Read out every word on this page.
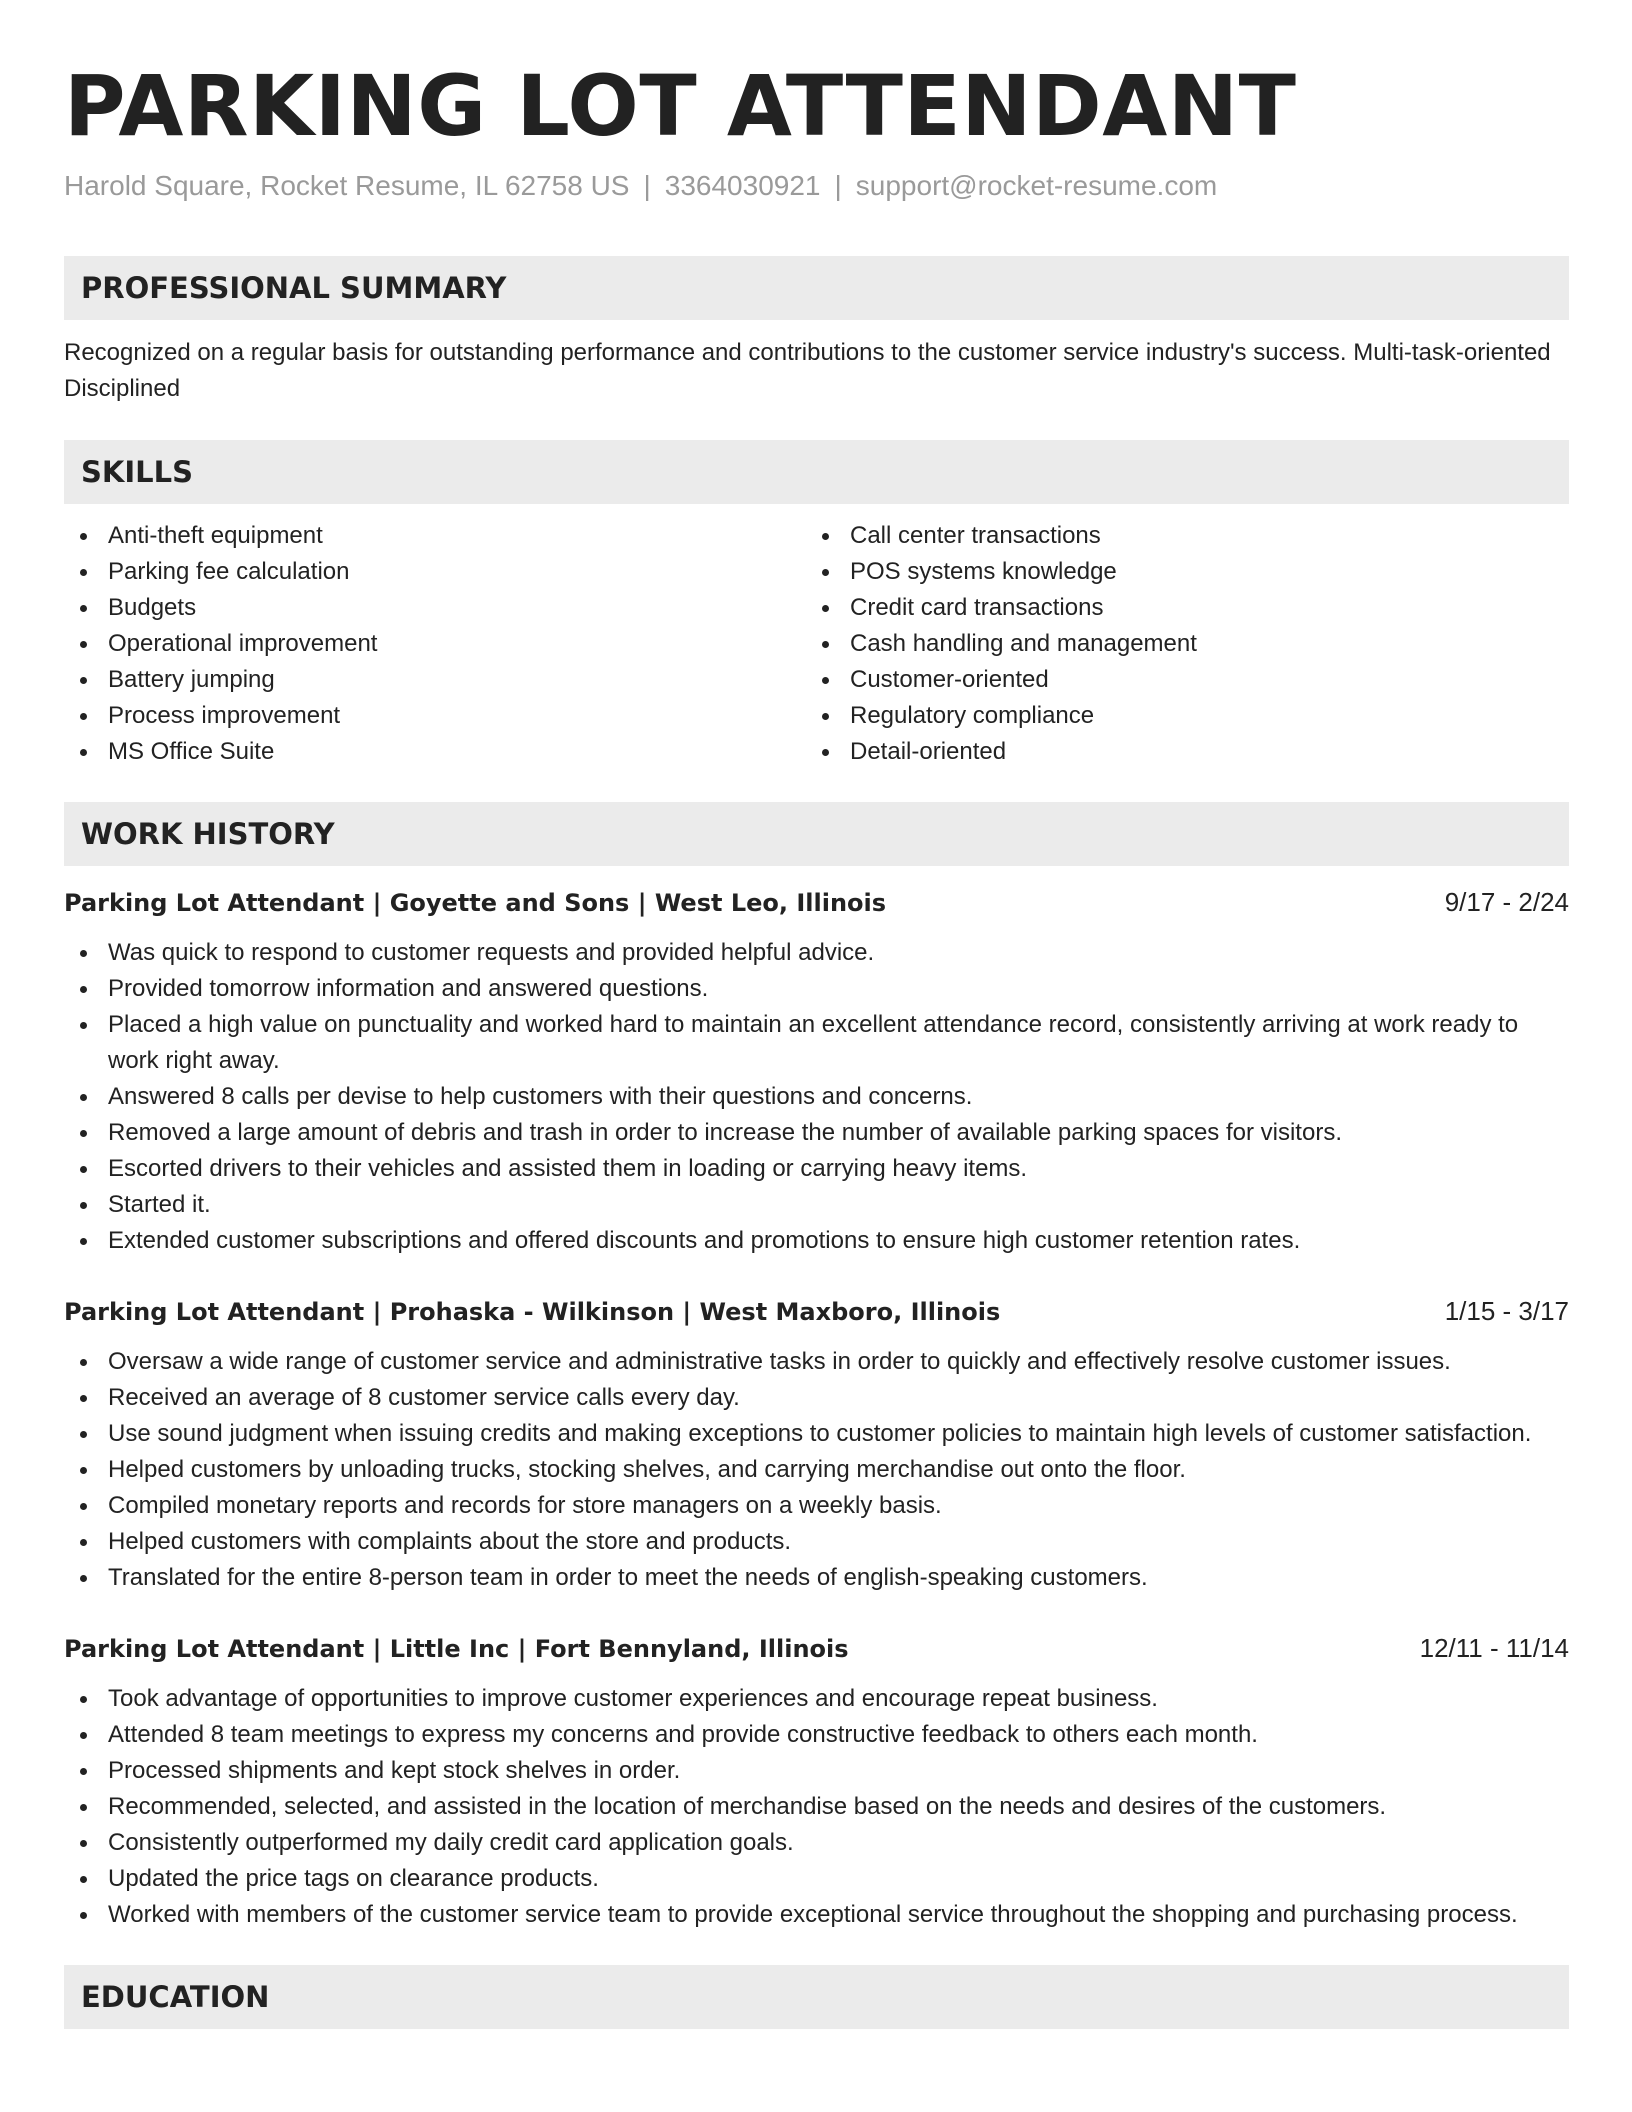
PARKING LOT ATTENDANT
Harold Square, Rocket Resume, IL 62758 US | 3364030921 | support@rocket-resume.com
PROFESSIONAL SUMMARY
Recognized on a regular basis for outstanding performance and contributions to the customer service industry's success. Multi-task-oriented Disciplined
SKILLS
Anti-theft equipment
Parking fee calculation
Budgets
Operational improvement
Battery jumping
Process improvement
MS Office Suite
Call center transactions
POS systems knowledge
Credit card transactions
Cash handling and management
Customer-oriented
Regulatory compliance
Detail-oriented
WORK HISTORY
Parking Lot Attendant | Goyette and Sons | West Leo, Illinois	9/17 - 2/24
Was quick to respond to customer requests and provided helpful advice.
Provided tomorrow information and answered questions.
Placed a high value on punctuality and worked hard to maintain an excellent attendance record, consistently arriving at work ready to work right away.
Answered 8 calls per devise to help customers with their questions and concerns.
Removed a large amount of debris and trash in order to increase the number of available parking spaces for visitors.
Escorted drivers to their vehicles and assisted them in loading or carrying heavy items.
Started it.
Extended customer subscriptions and offered discounts and promotions to ensure high customer retention rates.
Parking Lot Attendant | Prohaska - Wilkinson | West Maxboro, Illinois	1/15 - 3/17
Oversaw a wide range of customer service and administrative tasks in order to quickly and effectively resolve customer issues.
Received an average of 8 customer service calls every day.
Use sound judgment when issuing credits and making exceptions to customer policies to maintain high levels of customer satisfaction.
Helped customers by unloading trucks, stocking shelves, and carrying merchandise out onto the floor.
Compiled monetary reports and records for store managers on a weekly basis.
Helped customers with complaints about the store and products.
Translated for the entire 8-person team in order to meet the needs of english-speaking customers.
Parking Lot Attendant | Little Inc | Fort Bennyland, Illinois	12/11 - 11/14
Took advantage of opportunities to improve customer experiences and encourage repeat business.
Attended 8 team meetings to express my concerns and provide constructive feedback to others each month.
Processed shipments and kept stock shelves in order.
Recommended, selected, and assisted in the location of merchandise based on the needs and desires of the customers.
Consistently outperformed my daily credit card application goals.
Updated the price tags on clearance products.
Worked with members of the customer service team to provide exceptional service throughout the shopping and purchasing process.
EDUCATION
